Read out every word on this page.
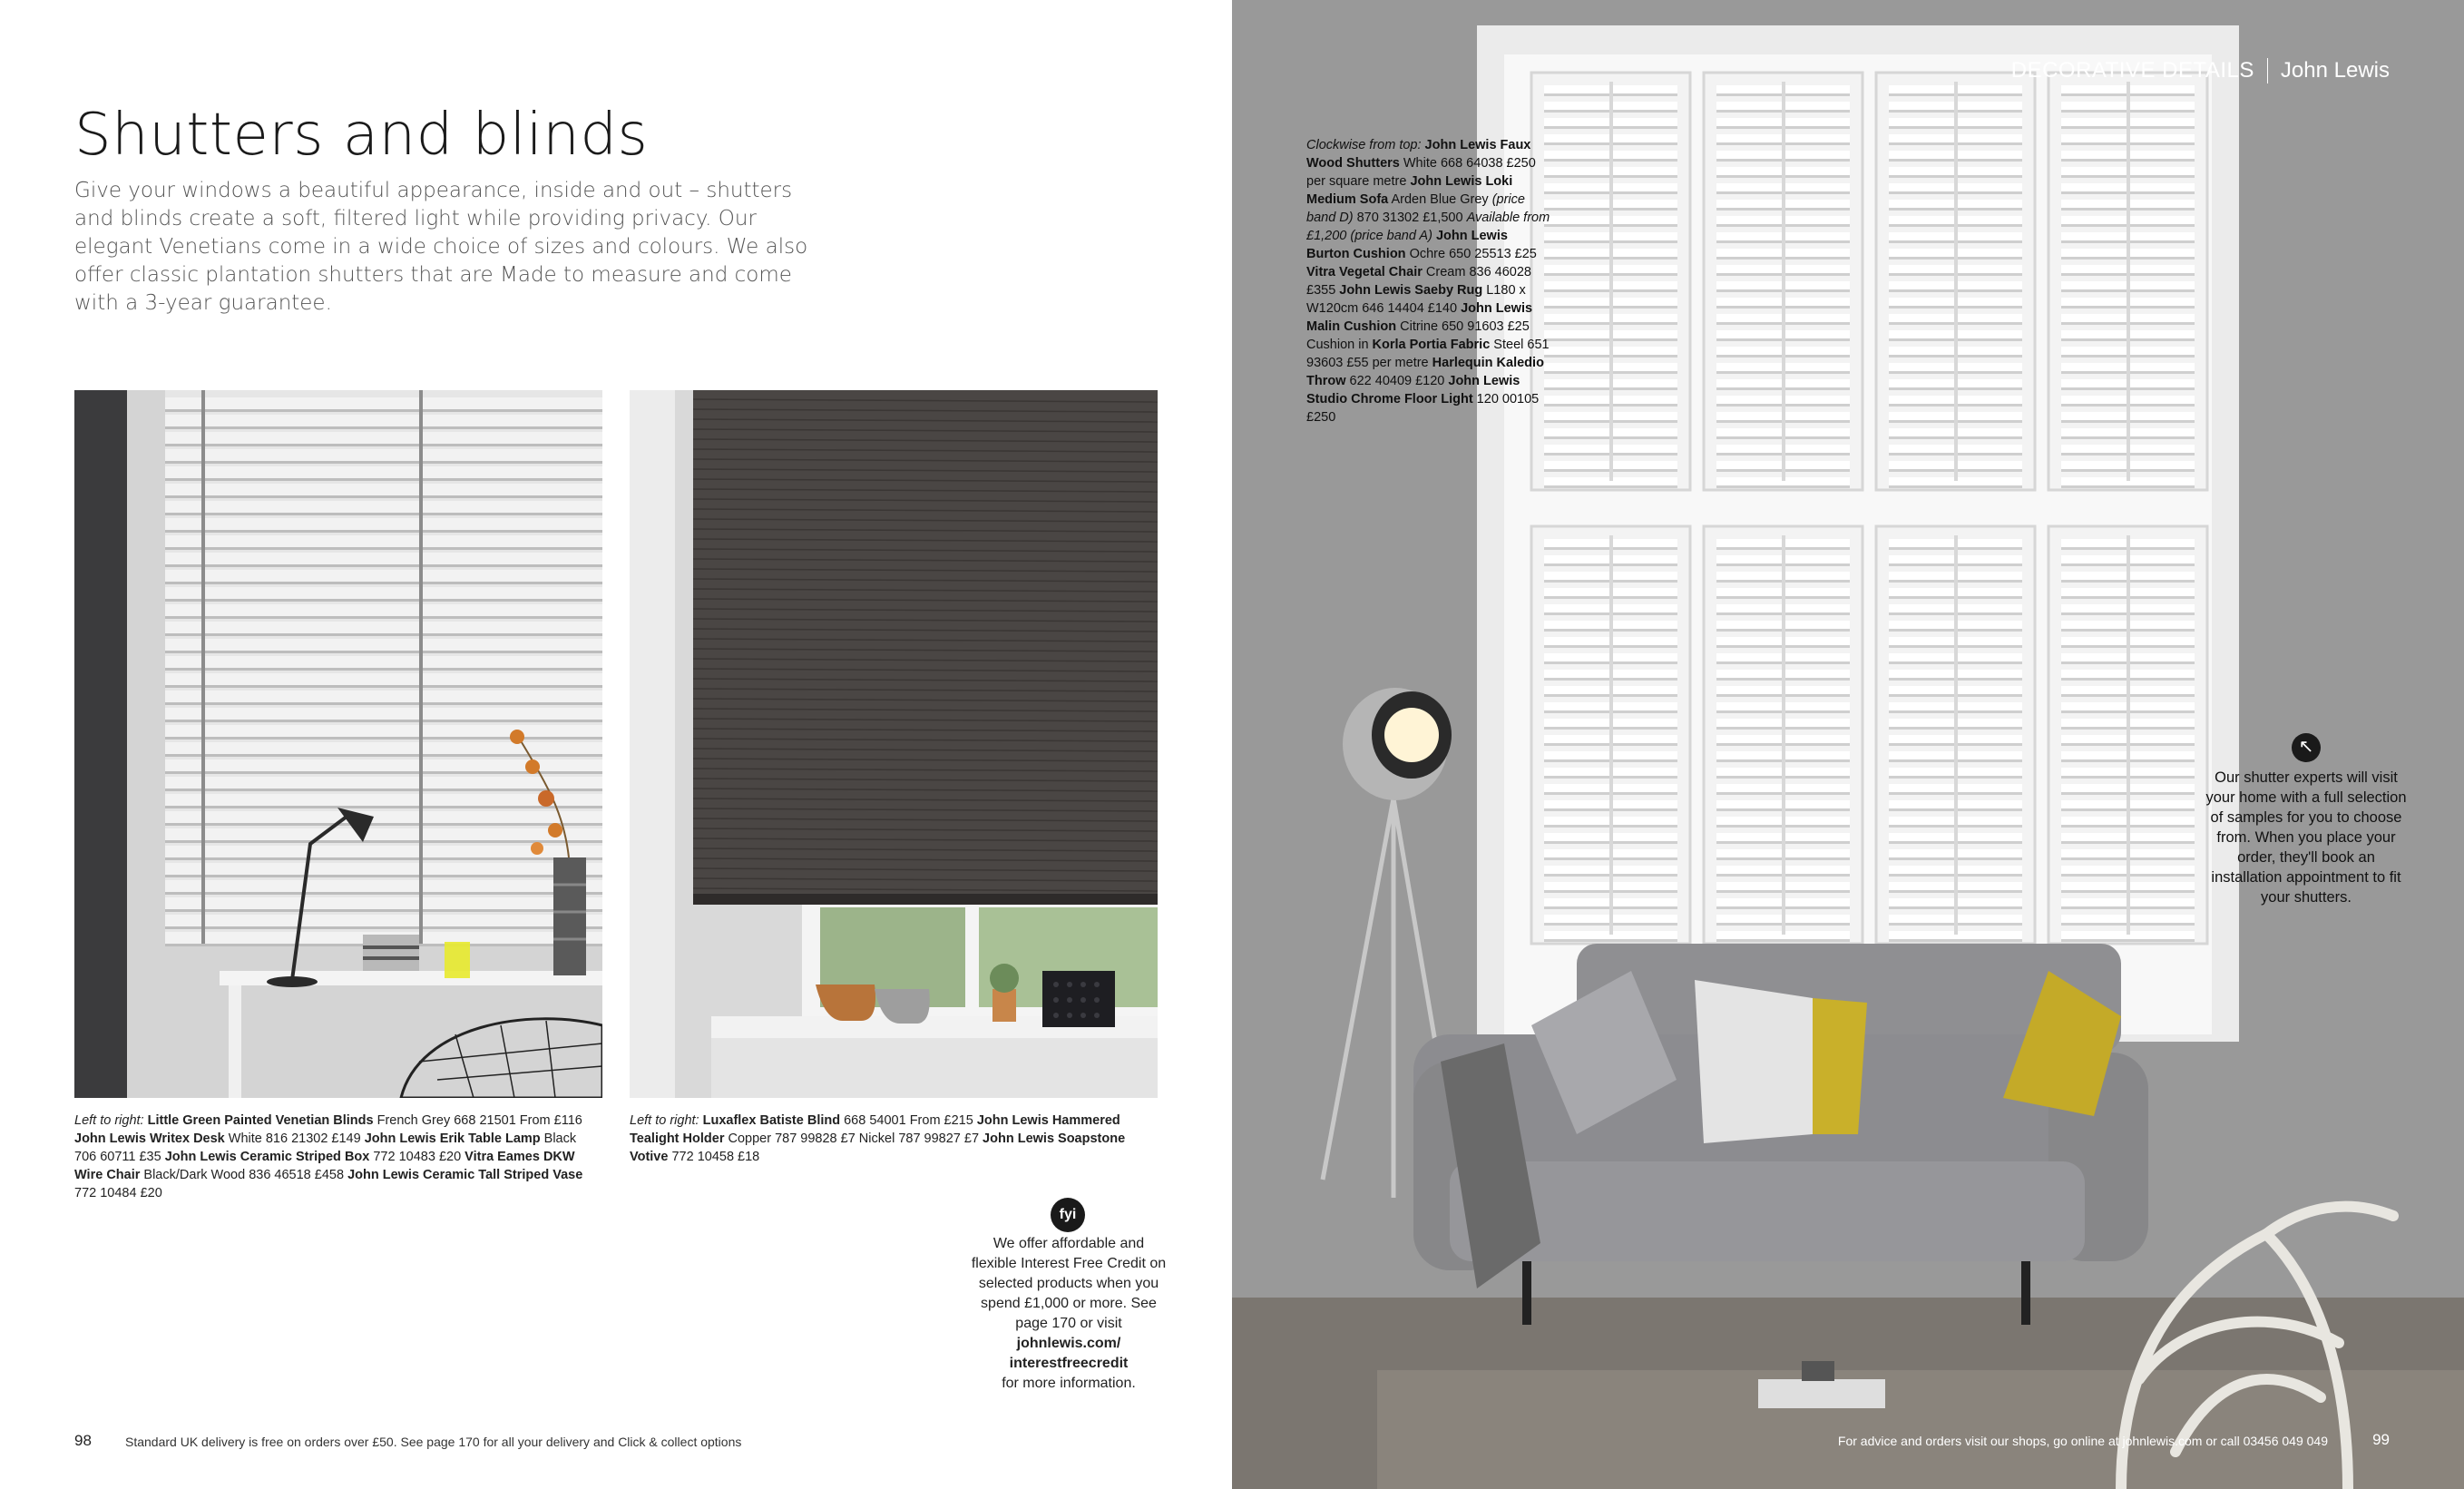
Shutters and blinds

Give your windows a beautiful appearance, inside and out – shutters and blinds create a soft, filtered light while providing privacy. Our elegant Venetians come in a wide choice of sizes and colours. We also offer classic plantation shutters that are Made to measure and come with a 3-year guarantee.

Left to right: Little Green Painted Venetian Blinds French Grey 668 21501 From £116 John Lewis Writex Desk White 816 21302 £149 John Lewis Erik Table Lamp Black 706 60711 £35 John Lewis Ceramic Striped Box 772 10483 £20 Vitra Eames DKW Wire Chair Black/Dark Wood 836 46518 £458 John Lewis Ceramic Tall Striped Vase 772 10484 £20

Left to right: Luxaflex Batiste Blind 668 54001 From £215 John Lewis Hammered Tealight Holder Copper 787 99828 £7 Nickel 787 99827 £7 John Lewis Soapstone Votive 772 10458 £18

fyi
We offer affordable and flexible Interest Free Credit on selected products when you spend £1,000 or more. See page 170 or visit
johnlewis.com/
interestfreecredit
for more information.
98	Standard UK delivery is free on orders over £50. See page 170 for all your delivery and Click & collect options
DECORATIVE DETAILS John Lewis

Clockwise from top: John Lewis Faux Wood Shutters White 668 64038 £250 per square metre John Lewis Loki Medium Sofa Arden Blue Grey (price band D) 870 31302 £1,500 Available from £1,200 (price band A) John Lewis Burton Cushion Ochre 650 25513 £25 Vitra Vegetal Chair Cream 836 46028 £355 John Lewis Saeby Rug L180 x W120cm 646 14404 £140 John Lewis Malin Cushion Citrine 650 91603 £25 Cushion in Korla Portia Fabric Steel 651 93603 £55 per metre Harlequin Kaledio Throw 622 40409 £120 John Lewis Studio Chrome Floor Light 120 00105 £250

↖

Our shutter experts will visit your home with a full selection of samples for you to choose from. When you place your order, they'll book an installation appointment to fit your shutters.

For advice and orders visit our shops, go online at johnlewis.com or call 03456 049 049	99
